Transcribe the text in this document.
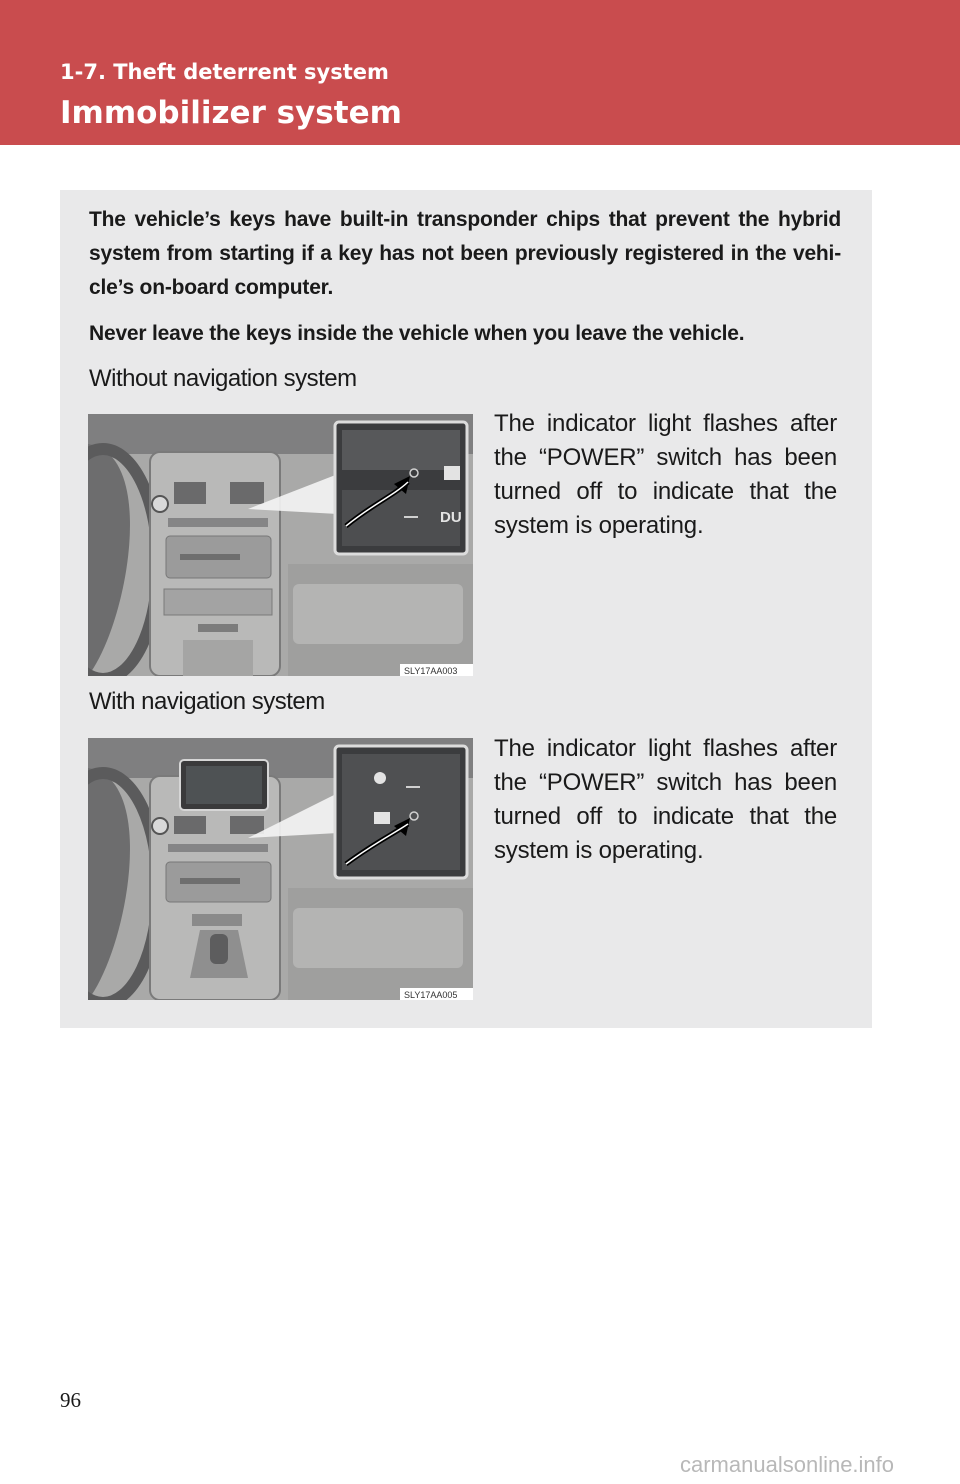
1-7. Theft deterrent system
Immobilizer system
The vehicle’s keys have built-in transponder chips that prevent the hybrid system from starting if a key has not been previously registered in the vehi-cle’s on-board computer.
Never leave the keys inside the vehicle when you leave the vehicle.
Without navigation system
DU
SLY17AA003
The indicator light flashes after the “POWER” switch has been turned off to indicate that the system is operating.
With navigation system
SLY17AA005
The indicator light flashes after the “POWER” switch has been turned off to indicate that the system is operating.
96
carmanualsonline.info
